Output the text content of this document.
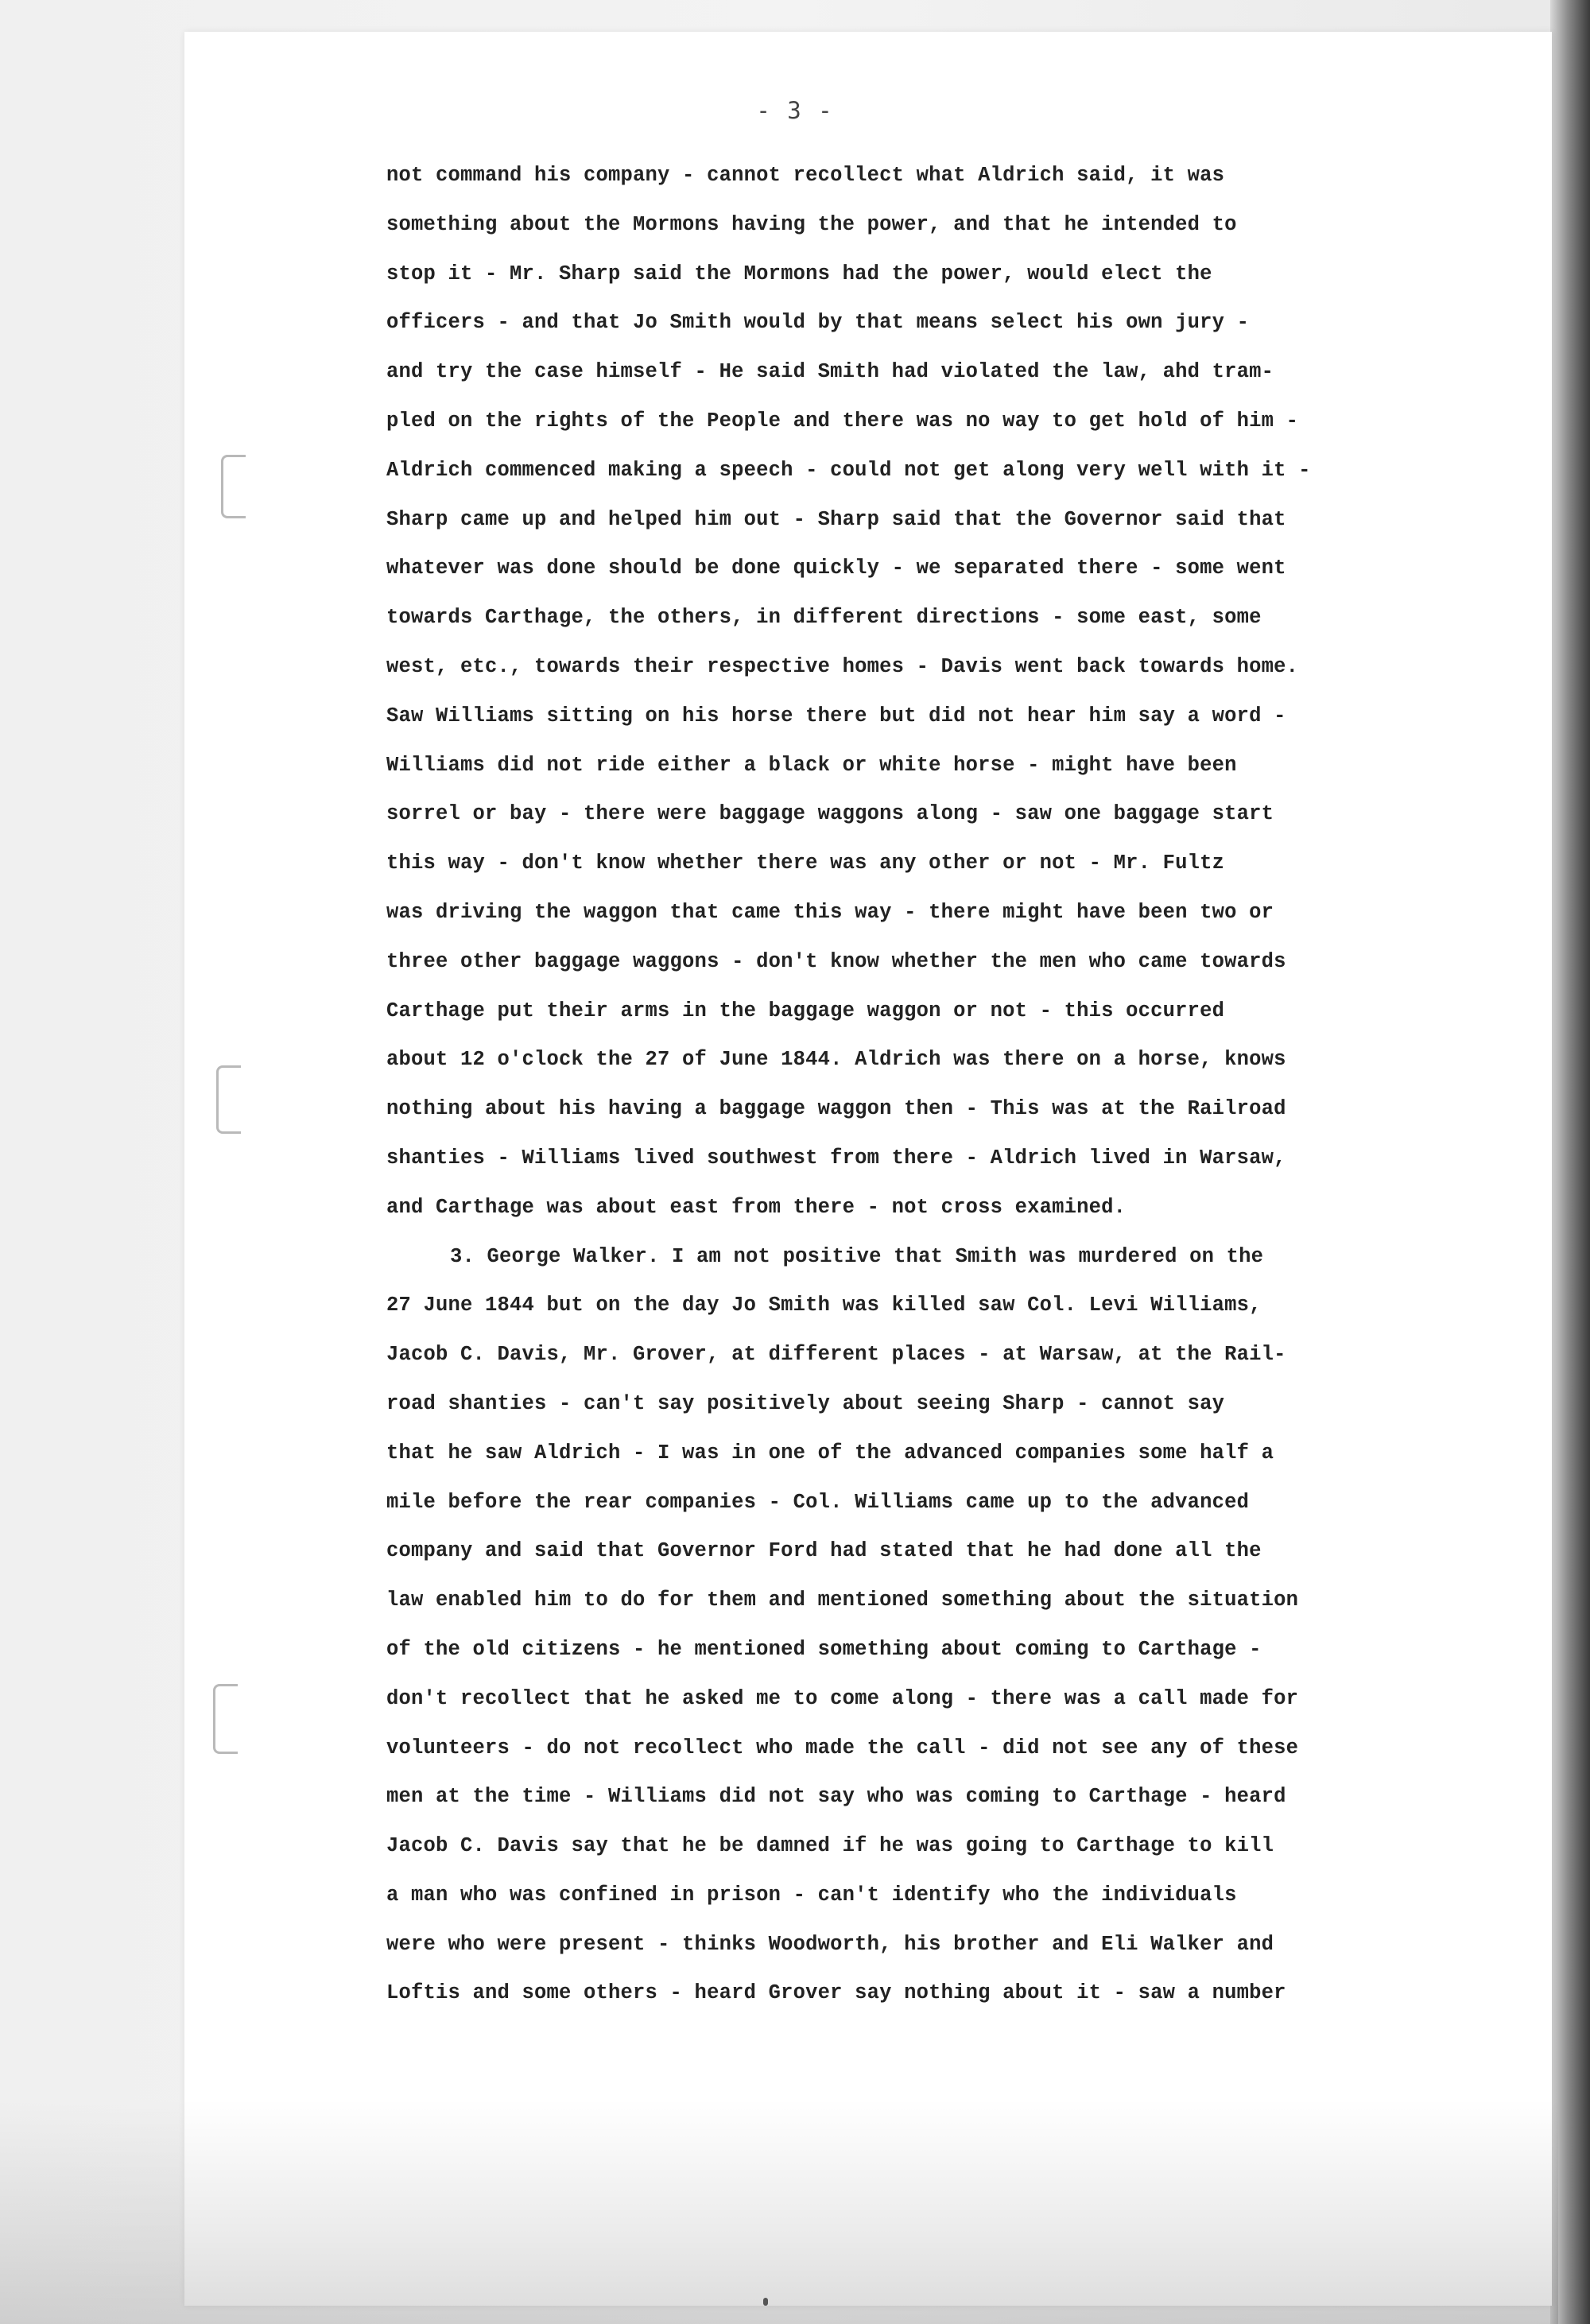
- 3 -
not command his company - cannot recollect what Aldrich said, it was
something about the Mormons having the power, and that he intended to
stop it - Mr. Sharp said the Mormons had the power, would elect the
officers - and that Jo Smith would by that means select his own jury -
and try the case himself - He said Smith had violated the law, ahd tram-
pled on the rights of the People and there was no way to get hold of him -
Aldrich commenced making a speech - could not get along very well with it -
Sharp came up and helped him out - Sharp said that the Governor said that
whatever was done should be done quickly - we separated there - some went
towards Carthage, the others, in different directions - some east, some
west, etc., towards their respective homes - Davis went back towards home.
Saw Williams sitting on his horse there but did not hear him say a word -
Williams did not ride either a black or white horse - might have been
sorrel or bay - there were baggage waggons along - saw one baggage start
this way - don't know whether there was any other or not - Mr. Fultz
was driving the waggon that came this way - there might have been two or
three other baggage waggons - don't know whether the men who came towards
Carthage put their arms in the baggage waggon or not - this occurred
about 12 o'clock the 27 of June 1844. Aldrich was there on a horse, knows
nothing about his having a baggage waggon then - This was at the Railroad
shanties - Williams lived southwest from there - Aldrich lived in Warsaw,
and Carthage was about east from there - not cross examined.
3. George Walker. I am not positive that Smith was murdered on the
27 June 1844 but on the day Jo Smith was killed saw Col. Levi Williams,
Jacob C. Davis, Mr. Grover, at different places - at Warsaw, at the Rail-
road shanties - can't say positively about seeing Sharp - cannot say
that he saw Aldrich - I was in one of the advanced companies some half a
mile before the rear companies - Col. Williams came up to the advanced
company and said that Governor Ford had stated that he had done all the
law enabled him to do for them and mentioned something about the situation
of the old citizens - he mentioned something about coming to Carthage -
don't recollect that he asked me to come along - there was a call made for
volunteers - do not recollect who made the call - did not see any of these
men at the time - Williams did not say who was coming to Carthage - heard
Jacob C. Davis say that he be damned if he was going to Carthage to kill
a man who was confined in prison - can't identify who the individuals
were who were present - thinks Woodworth, his brother and Eli Walker and
Loftis and some others - heard Grover say nothing about it - saw a number
